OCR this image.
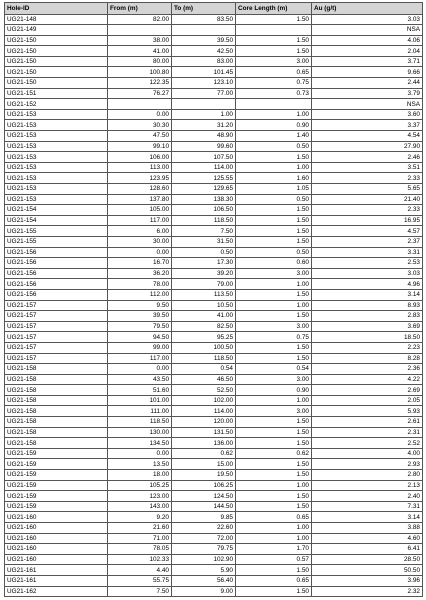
Hole-ID	From (m)	To (m)	Core Length (m)	Au (g/t)
UG21-148	82.00	83.50	1.50	3.03
UG21-149				NSA
UG21-150	38.00	39.50	1.50	4.06
UG21-150	41.00	42.50	1.50	2.04
UG21-150	80.00	83.00	3.00	3.71
UG21-150	100.80	101.45	0.65	9.66
UG21-150	122.35	123.10	0.75	2.44
UG21-151	76.27	77.00	0.73	3.79
UG21-152				NSA
UG21-153	0.00	1.00	1.00	3.60
UG21-153	30.30	31.20	0.90	3.37
UG21-153	47.50	48.90	1.40	4.54
UG21-153	99.10	99.60	0.50	27.90
UG21-153	106.00	107.50	1.50	2.46
UG21-153	113.00	114.00	1.00	3.51
UG21-153	123.95	125.55	1.60	2.33
UG21-153	128.60	129.65	1.05	5.65
UG21-153	137.80	138.30	0.50	21.40
UG21-154	105.00	106.50	1.50	2.33
UG21-154	117.00	118.50	1.50	16.95
UG21-155	6.00	7.50	1.50	4.57
UG21-155	30.00	31.50	1.50	2.37
UG21-156	0.00	0.50	0.50	3.31
UG21-156	16.70	17.30	0.60	2.53
UG21-156	36.20	39.20	3.00	3.03
UG21-156	78.00	79.00	1.00	4.96
UG21-156	112.00	113.50	1.50	3.14
UG21-157	9.50	10.50	1.00	8.93
UG21-157	39.50	41.00	1.50	2.83
UG21-157	79.50	82.50	3.00	3.69
UG21-157	94.50	95.25	0.75	18.50
UG21-157	99.00	100.50	1.50	2.23
UG21-157	117.00	118.50	1.50	8.28
UG21-158	0.00	0.54	0.54	2.36
UG21-158	43.50	46.50	3.00	4.22
UG21-158	51.60	52.50	0.90	2.69
UG21-158	101.00	102.00	1.00	2.05
UG21-158	111.00	114.00	3.00	5.93
UG21-158	118.50	120.00	1.50	2.61
UG21-158	130.00	131.50	1.50	2.31
UG21-158	134.50	136.00	1.50	2.52
UG21-159	0.00	0.62	0.62	4.00
UG21-159	13.50	15.00	1.50	2.93
UG21-159	18.00	19.50	1.50	2.80
UG21-159	105.25	106.25	1.00	2.13
UG21-159	123.00	124.50	1.50	2.40
UG21-159	143.00	144.50	1.50	7.31
UG21-160	9.20	9.85	0.65	3.14
UG21-160	21.60	22.60	1.00	3.88
UG21-160	71.00	72.00	1.00	4.60
UG21-160	78.05	79.75	1.70	6.41
UG21-160	102.33	102.90	0.57	28.50
UG21-161	4.40	5.90	1.50	50.50
UG21-161	55.75	56.40	0.65	3.96
UG21-162	7.50	9.00	1.50	2.32
